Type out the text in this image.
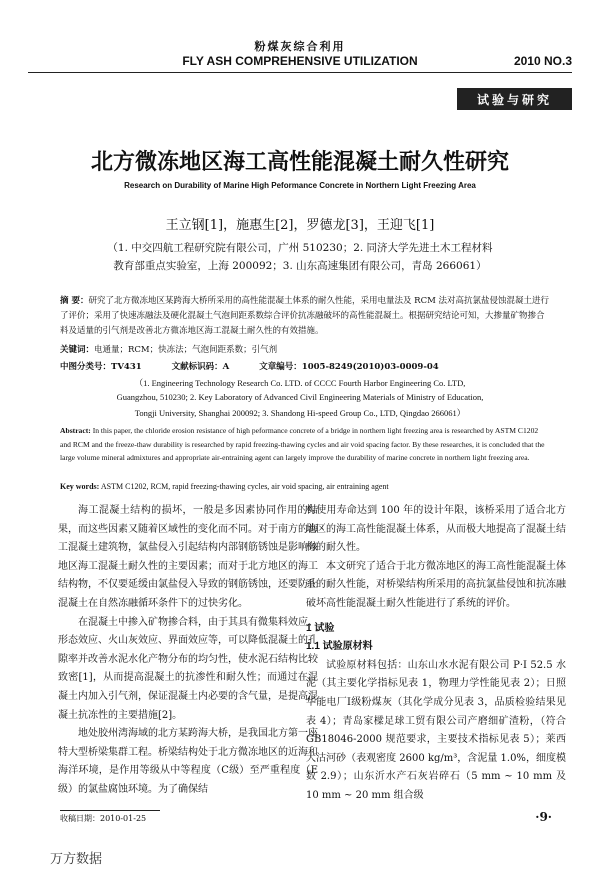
粉煤灰综合利用
FLY ASH COMPREHENSIVE UTILIZATION	2010 NO.3
试验与研究
北方微冻地区海工高性能混凝土耐久性研究
Research on Durability of Marine High Peformance Concrete in Northern Light Freezing Area
王立钢[1]，施惠生[2]，罗德龙[3]，王迎飞[1]
（1. 中交四航工程研究院有限公司，广州 510230；2. 同济大学先进土木工程材料
教育部重点实验室，上海 200092；3. 山东高速集团有限公司，青岛 266061）
摘 要：研究了北方微冻地区某跨海大桥所采用的高性能混凝土体系的耐久性能，采用电量法及 RCM 法对高抗氯盐侵蚀混凝土进行了评价；采用了快速冻融法及硬化混凝土气泡间距系数综合评价抗冻融破坏的高性能混凝土。根据研究结论可知，大掺量矿物掺合料及适量的引气剂是改善北方微冻地区海工混凝土耐久性的有效措施。
关键词：电通量；RCM；快冻法；气泡间距系数；引气剂
中图分类号：TV431	文献标识码：A	文章编号：1005-8249(2010)03-0009-04
（1. Engineering Technology Research Co. LTD. of CCCC Fourth Harbor Engineering Co. LTD,
Guangzhou, 510230; 2. Key Laboratory of Advanced Civil Engineering Materials of Ministry of Education,
Tongji University, Shanghai 200092; 3. Shandong Hi-speed Group Co., LTD, Qingdao 266061）
Abstract: In this paper, the chloride erosion resistance of high peformance concrete of a bridge in northern light freezing area is researched by ASTM C1202 and RCM and the freeze-thaw durability is researched by rapid freezing-thawing cycles and air void spacing factor. By these researches, it is concluded that the large volume mineral admixtures and appropriate air-entraining agent can largely improve the durability of marine concrete in northern light freezing area.
Key words: ASTM C1202, RCM, rapid freezing-thawing cycles, air void spacing, air entraining agent

海工混凝土结构的损坏，一般是多因素协同作用的结果，而这些因素又随着区域性的变化而不同。对于南方的海工混凝土建筑物，氯盐侵入引起结构内部钢筋锈蚀是影响该地区海工混凝土耐久性的主要因素；而对于北方地区的海工结构物，不仅要延缓由氯盐侵入导致的钢筋锈蚀，还要防止混凝土在自然冻融循环条件下的过快劣化。

在混凝土中掺入矿物掺合料，由于其具有微集料效应、形态效应、火山灰效应、界面效应等，可以降低混凝土的孔隙率并改善水泥水化产物分布的均匀性，使水泥石结构比较致密[1]，从而提高混凝土的抗渗性和耐久性；而通过在混凝土内加入引气剂，保证混凝土内必要的含气量，是提高混凝土抗冻性的主要措施[2]。

地处胶州湾海域的北方某跨海大桥，是我国北方第一座特大型桥梁集群工程。桥梁结构处于北方微冻地区的近海和海洋环境，是作用等级从中等程度（C级）至严重程度（E级）的氯盐腐蚀环境。为了确保结

构使用寿命达到 100 年的设计年限，该桥采用了适合北方地区的海工高性能混凝土体系，从而极大地提高了混凝土结构的耐久性。

本文研究了适合于北方微冻地区的海工高性能混凝土体系的耐久性能，对桥梁结构所采用的高抗氯盐侵蚀和抗冻融破坏高性能混凝土耐久性能进行了系统的评价。

1 试验

1.1 试验原材料

试验原材料包括：山东山水水泥有限公司 P·I 52.5 水泥（其主要化学指标见表 1，物理力学性能见表 2）；日照华能电厂Ⅰ级粉煤灰（其化学成分见表 3，品质检验结果见表 4）；青岛家樑足球工贸有限公司产磨细矿渣粉，（符合 GB18046-2000 规范要求，主要技术指标见表 5）；莱西大沽河砂（表观密度 2600 kg/m³，含泥量 1.0%，细度模数 2.9）；山东沂水产石灰岩碎石（5 mm ~ 10 mm 及 10 mm ~ 20 mm 组合级

收稿日期：2010-01-25	·9·
万方数据
